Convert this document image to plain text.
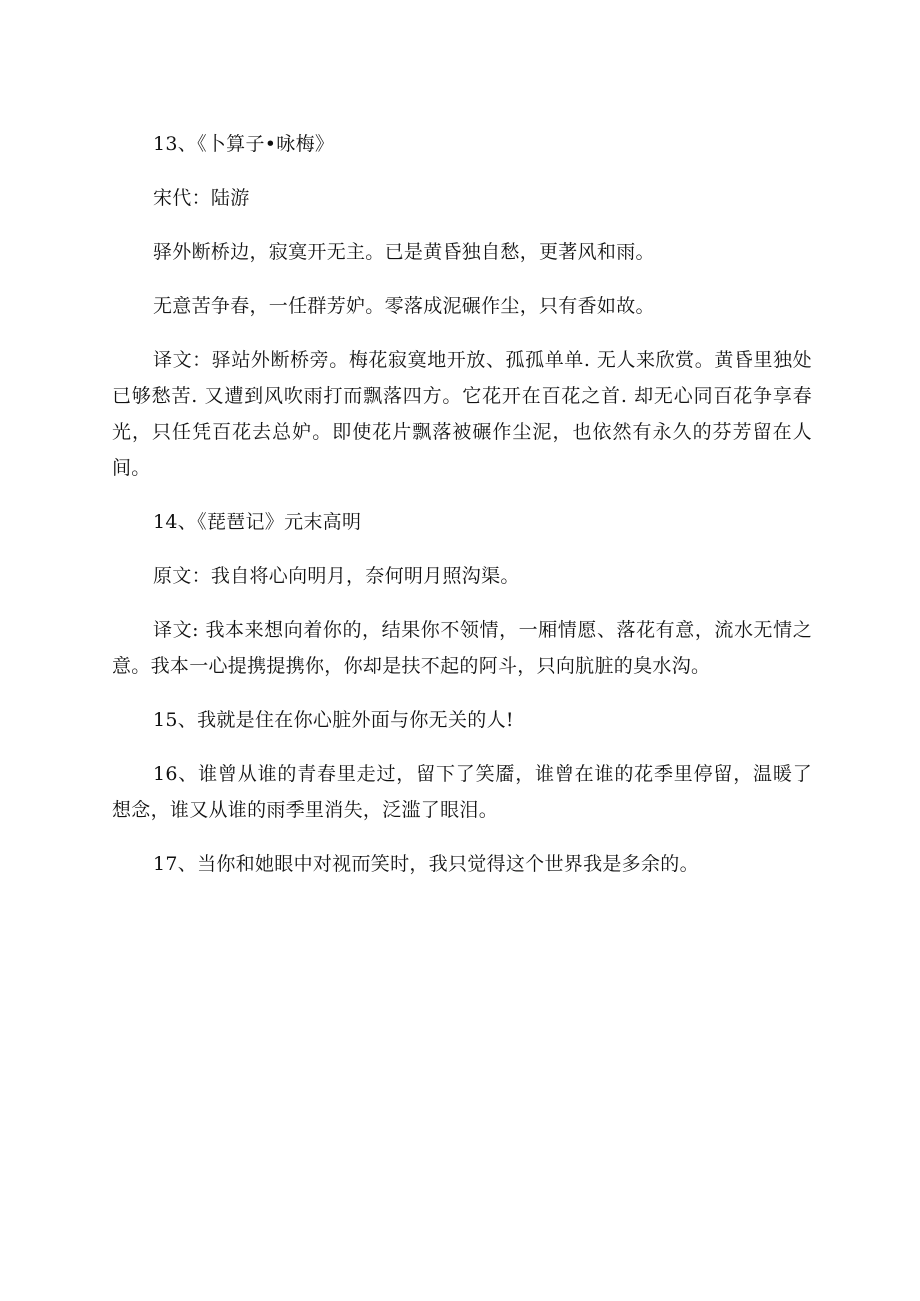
13、《卜算子•咏梅》

宋代：陆游

驿外断桥边，寂寞开无主。已是黄昏独自愁，更著风和雨。

无意苦争春，一任群芳妒。零落成泥碾作尘，只有香如故。

译文：驿站外断桥旁。梅花寂寞地开放、孤孤单单. 无人来欣赏。黄昏里独处已够愁苦. 又遭到风吹雨打而飘落四方。它花开在百花之首. 却无心同百花争享春光，只任凭百花去总妒。即使花片飘落被碾作尘泥，也依然有永久的芬芳留在人间。

14、《琵琶记》元末高明

原文：我自将心向明月，奈何明月照沟渠。

译文: 我本来想向着你的，结果你不领情，一厢情愿、落花有意，流水无情之意。我本一心提携提携你，你却是扶不起的阿斗，只向肮脏的臭水沟。

15、我就是住在你心脏外面与你无关的人!

16、谁曾从谁的青春里走过，留下了笑靥，谁曾在谁的花季里停留，温暖了想念，谁又从谁的雨季里消失，泛滥了眼泪。

17、当你和她眼中对视而笑时，我只觉得这个世界我是多余的。
